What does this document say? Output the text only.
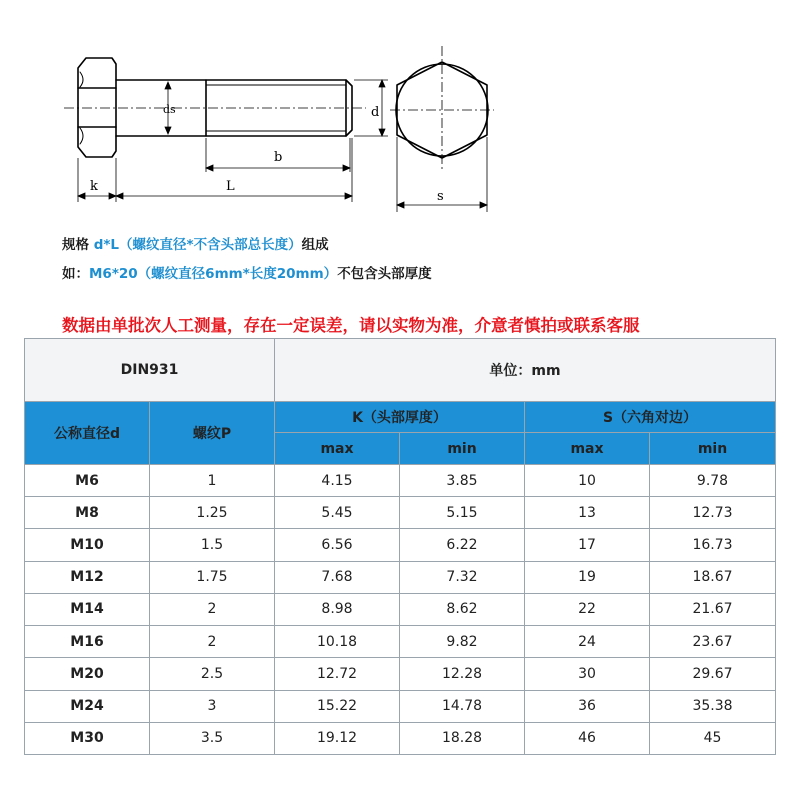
ds	d
b
k	L
s
规格 d*L（螺纹直径*不含头部总长度）组成
如：M6*20（螺纹直径6mm*长度20mm）不包含头部厚度
数据由单批次人工测量，存在一定误差，请以实物为准，介意者慎拍或联系客服
DIN931		单位：mm			
公称直径d	螺纹P	K（头部厚度）		S（六角对边）	
		max	min	max	min
M6	1	4.15	3.85	10	9.78
M8	1.25	5.45	5.15	13	12.73
M10	1.5	6.56	6.22	17	16.73
M12	1.75	7.68	7.32	19	18.67
M14	2	8.98	8.62	22	21.67
M16	2	10.18	9.82	24	23.67
M20	2.5	12.72	12.28	30	29.67
M24	3	15.22	14.78	36	35.38
M30	3.5	19.12	18.28	46	45
